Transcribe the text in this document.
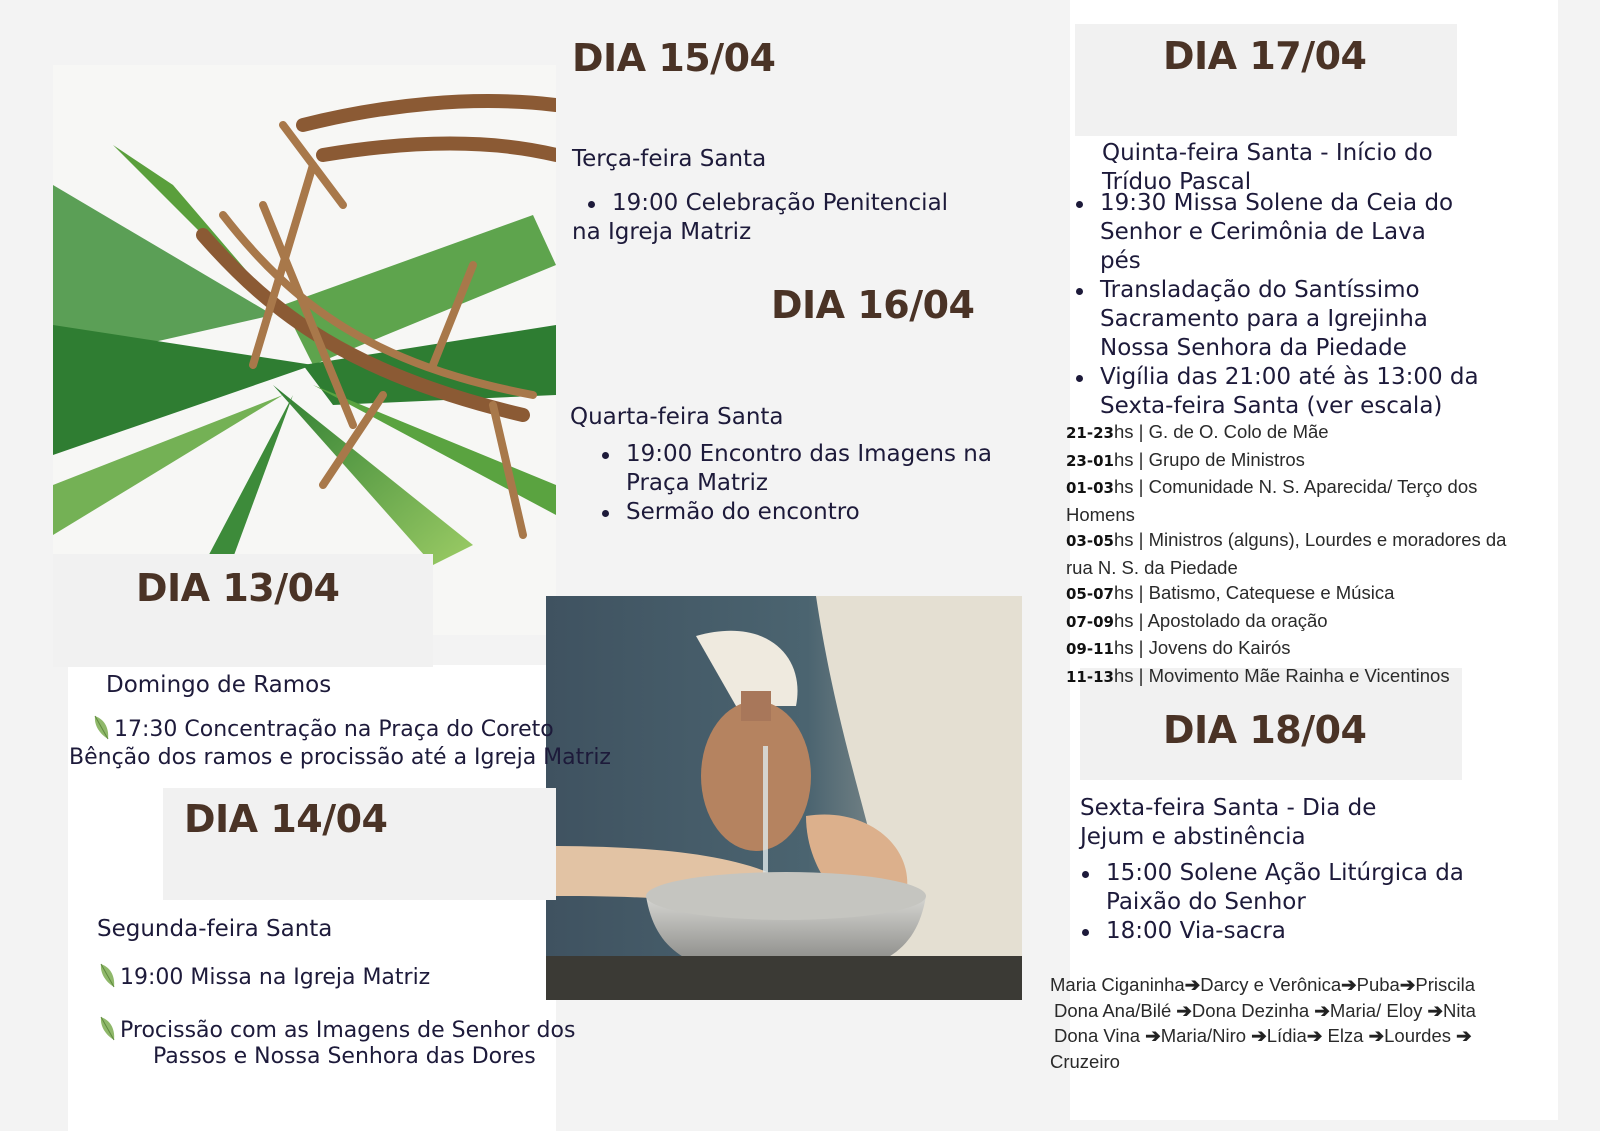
DIA 13/04
Domingo de Ramos
17:30 Concentração na Praça do Coreto
Bênção dos ramos e procissão até a Igreja Matriz
DIA 14/04
Segunda-feira Santa
19:00 Missa na Igreja Matriz
Procissão com as Imagens de Senhor dos
Passos e Nossa Senhora das Dores
DIA 15/04
Terça-feira Santa
19:00 Celebração Penitencial
na Igreja Matriz
DIA 16/04
Quarta-feira Santa
19:00 Encontro das Imagens na
Praça Matriz
Sermão do encontro
DIA 17/04
Quinta-feira Santa - Início do
Tríduo Pascal
19:30 Missa Solene da Ceia do
Senhor e Cerimônia de Lava
pés
Transladação do Santíssimo
Sacramento para a Igrejinha
Nossa Senhora da Piedade
Vigília das 21:00 até às 13:00 da
Sexta-feira Santa (ver escala)
21-23hs | G. de O. Colo de Mãe
23-01hs | Grupo de Ministros
01-03hs | Comunidade N. S. Aparecida/ Terço dos
Homens
03-05hs | Ministros (alguns), Lourdes e moradores da
rua N. S. da Piedade
05-07hs | Batismo, Catequese e Música
07-09hs | Apostolado da oração
09-11hs | Jovens do Kairós
11-13hs | Movimento Mãe Rainha e Vicentinos
DIA 18/04
Sexta-feira Santa - Dia de
Jejum e abstinência
15:00 Solene Ação Litúrgica da
Paixão do Senhor
18:00 Via-sacra
Maria Ciganinha➔Darcy e Verônica➔Puba➔Priscila
Dona Ana/Bilé ➔Dona Dezinha ➔Maria/ Eloy ➔Nita
Dona Vina ➔Maria/Niro ➔Lídia➔ Elza ➔Lourdes ➔
Cruzeiro
